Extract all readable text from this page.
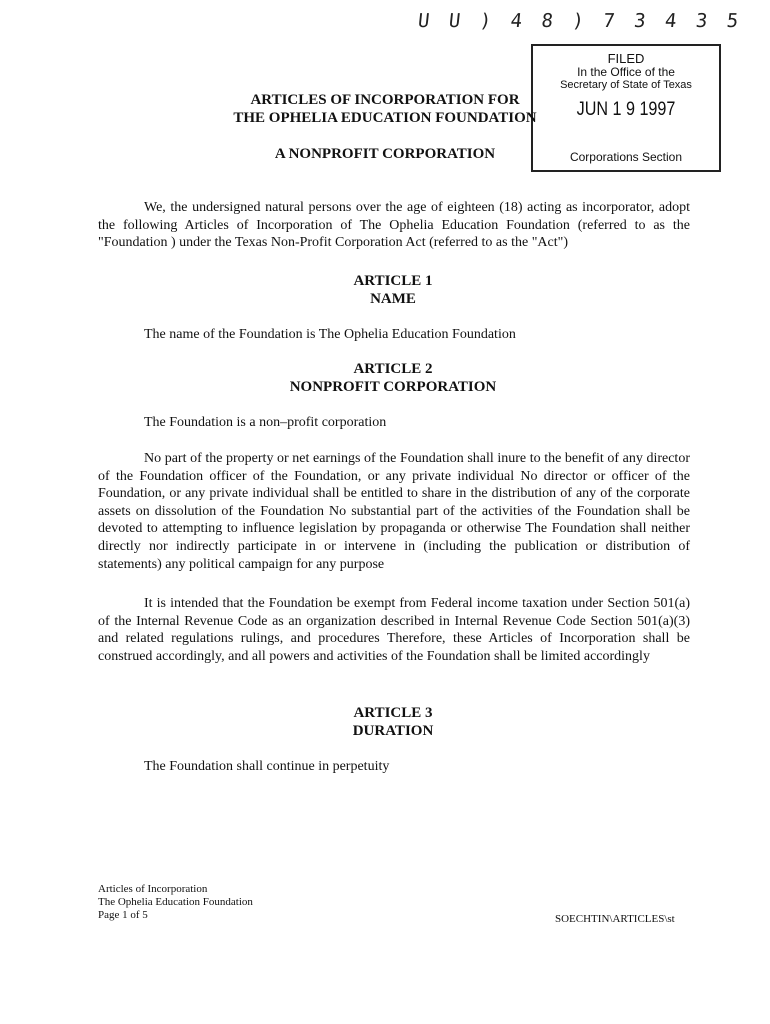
U U ) 4 8 ) 7 3 4 3 5
FILED
In the Office of the
Secretary of State of Texas
JUN 1 9 1997
Corporations Section
ARTICLES OF INCORPORATION FOR
THE OPHELIA EDUCATION FOUNDATION
A NONPROFIT CORPORATION

We, the undersigned natural persons over the age of eighteen (18) acting as incorporator, adopt the following Articles of Incorporation of The Ophelia Education Foundation (referred to as the "Foundation ) under the Texas Non-Profit Corporation Act (referred to as the "Act")

ARTICLE 1
NAME

The name of the Foundation is The Ophelia Education Foundation

ARTICLE 2
NONPROFIT CORPORATION

The Foundation is a non–profit corporation

No part of the property or net earnings of the Foundation shall inure to the benefit of any director of the Foundation officer of the Foundation, or any private individual No director or officer of the Foundation, or any private individual shall be entitled to share in the distribution of any of the corporate assets on dissolution of the Foundation No substantial part of the activities of the Foundation shall be devoted to attempting to influence legislation by propaganda or otherwise The Foundation shall neither directly nor indirectly participate in or intervene in (including the publication or distribution of statements) any political campaign for any purpose

It is intended that the Foundation be exempt from Federal income taxation under Section 501(a) of the Internal Revenue Code as an organization described in Internal Revenue Code Section 501(a)(3) and related regulations rulings, and procedures Therefore, these Articles of Incorporation shall be construed accordingly, and all powers and activities of the Foundation shall be limited accordingly

ARTICLE 3
DURATION

The Foundation shall continue in perpetuity

Articles of Incorporation
The Ophelia Education Foundation
Page 1 of 5	SOECHTIN\ARTICLES\st
